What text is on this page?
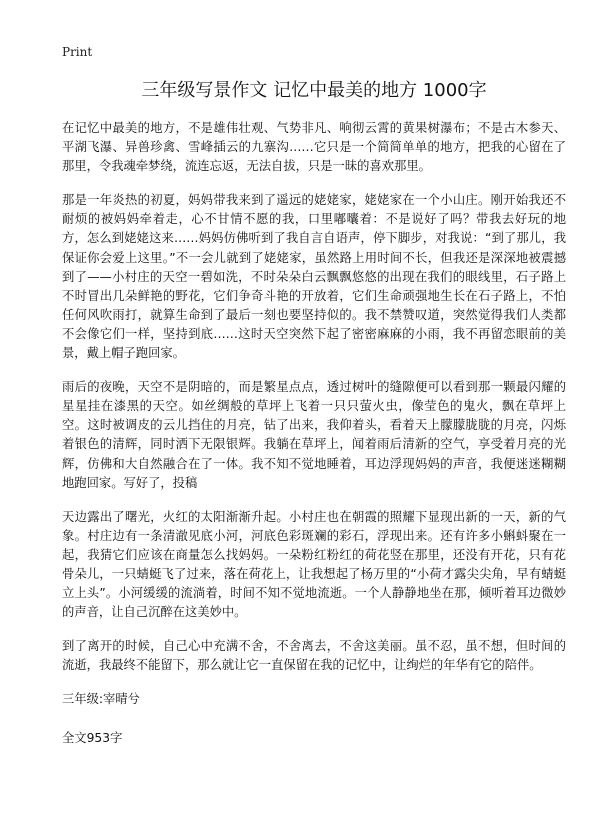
Print
三年级写景作文 记忆中最美的地方 1000字

在记忆中最美的地方，不是雄伟壮观、气势非凡、响彻云霄的黄果树瀑布；不是古木参天、平湖飞瀑、异兽珍禽、雪峰插云的九寨沟……它只是一个简简单单的地方，把我的心留在了那里，令我魂牵梦绕，流连忘返，无法自拔，只是一昧的喜欢那里。

那是一年炎热的初夏，妈妈带我来到了遥远的姥姥家，姥姥家在一个小山庄。刚开始我还不耐烦的被妈妈牵着走，心不甘情不愿的我，口里嘟囔着：不是说好了吗？带我去好玩的地方，怎么到姥姥这来……妈妈仿佛听到了我自言自语声，停下脚步，对我说：“到了那儿，我保证你会爱上这里。”不一会儿就到了姥姥家，虽然路上用时间不长，但我还是深深地被震撼到了——小村庄的天空一碧如洗，不时朵朵白云飘飘悠悠的出现在我们的眼线里，石子路上不时冒出几朵鲜艳的野花，它们争奇斗艳的开放着，它们生命顽强地生长在石子路上，不怕任何风吹雨打，就算生命到了最后一刻也要坚持似的。我不禁赞叹道，突然觉得我们人类都不会像它们一样，坚持到底……这时天空突然下起了密密麻麻的小雨，我不再留恋眼前的美景，戴上帽子跑回家。

雨后的夜晚，天空不是阴暗的，而是繁星点点，透过树叶的缝隙便可以看到那一颗最闪耀的星星挂在漆黑的天空。如丝绸般的草坪上飞着一只只萤火虫，像莹色的鬼火，飘在草坪上空。这时被调皮的云儿挡住的月亮，钻了出来，我仰着头，看着天上朦朦胧胧的月亮，闪烁着银色的清辉，同时洒下无限银辉。我躺在草坪上，闻着雨后清新的空气，享受着月亮的光辉，仿佛和大自然融合在了一体。我不知不觉地睡着，耳边浮现妈妈的声音，我便迷迷糊糊地跑回家。写好了，投稿

天边露出了曙光，火红的太阳渐渐升起。小村庄也在朝霞的照耀下显现出新的一天，新的气象。村庄边有一条清澈见底小河，河底色彩斑斓的彩石，浮现出来。还有许多小蝌蚪聚在一起，我猜它们应该在商量怎么找妈妈。一朵粉红粉红的荷花竖在那里，还没有开花，只有花骨朵儿，一只蜻蜓飞了过来，落在荷花上，让我想起了杨万里的“小荷才露尖尖角，早有蜻蜓立上头”。小河缓缓的流淌着，时间不知不觉地流逝。一个人静静地坐在那，倾听着耳边微妙的声音，让自己沉醉在这美妙中。

到了离开的时候，自己心中充满不舍，不舍离去，不舍这美丽。虽不忍，虽不想，但时间的流逝，我最终不能留下，那么就让它一直保留在我的记忆中，让绚烂的年华有它的陪伴。

三年级:宰晴兮

全文953字
